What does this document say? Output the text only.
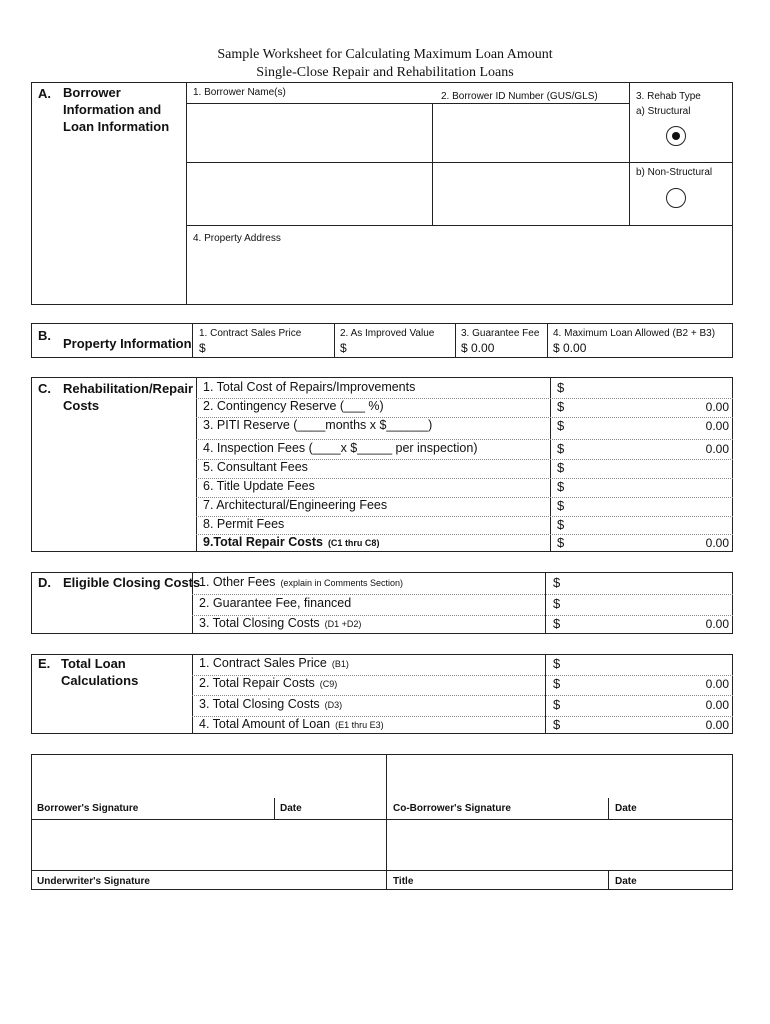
Sample Worksheet for Calculating Maximum Loan Amount
Single-Close Repair and Rehabilitation Loans
A. Borrower Information and Loan Information
1. Borrower Name(s)	2. Borrower ID Number (GUS/GLS)	3. Rehab Type
a) Structural
b) Non-Structural
4. Property Address
B.
Property Information
1. Contract Sales Price
$
2. As Improved Value
$
3. Guarantee Fee
$ 0.00
4. Maximum Loan Allowed (B2 + B3)
$ 0.00
C. Rehabilitation/Repair Costs
1. Total Cost of Repairs/Improvements	$
2. Contingency Reserve (___ %)	$	0.00
3. PITI Reserve (____months x $______)	$	0.00
4. Inspection Fees (____x $_____ per inspection)	$	0.00
5. Consultant Fees	$
6. Title Update Fees	$
7. Architectural/Engineering Fees	$
8. Permit Fees	$
9.Total Repair Costs (C1 thru C8)	$	0.00
D. Eligible Closing Costs
1. Other Fees (explain in Comments Section)	$
2. Guarantee Fee, financed	$
3. Total Closing Costs (D1 +D2)	$	0.00
E. Total Loan Calculations
1. Contract Sales Price (B1)	$
2. Total Repair Costs (C9)	$	0.00
3. Total Closing Costs (D3)	$	0.00
4. Total Amount of Loan (E1 thru E3)	$	0.00
Borrower's Signature	Date	Co-Borrower's Signature	Date
Underwriter's Signature	Title	Date
